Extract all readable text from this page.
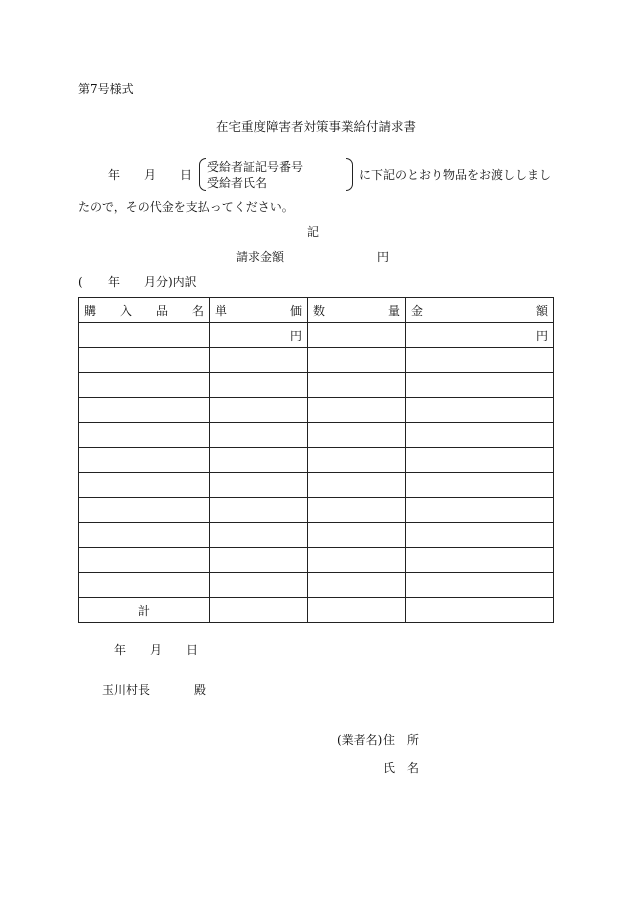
第7号様式
在宅重度障害者対策事業給付請求書
年 月 日
受給者証記号番号
受給者氏名
に下記のとおり物品をお渡ししまし
たので，その代金を支払ってください。
記
請求金額	円
( 年 月分)内訳
購 入 品 名	単 価	数 量	金 額

	円		円

計			
年 月 日
玉川村長	殿
(業者名) 住　所
氏　名
